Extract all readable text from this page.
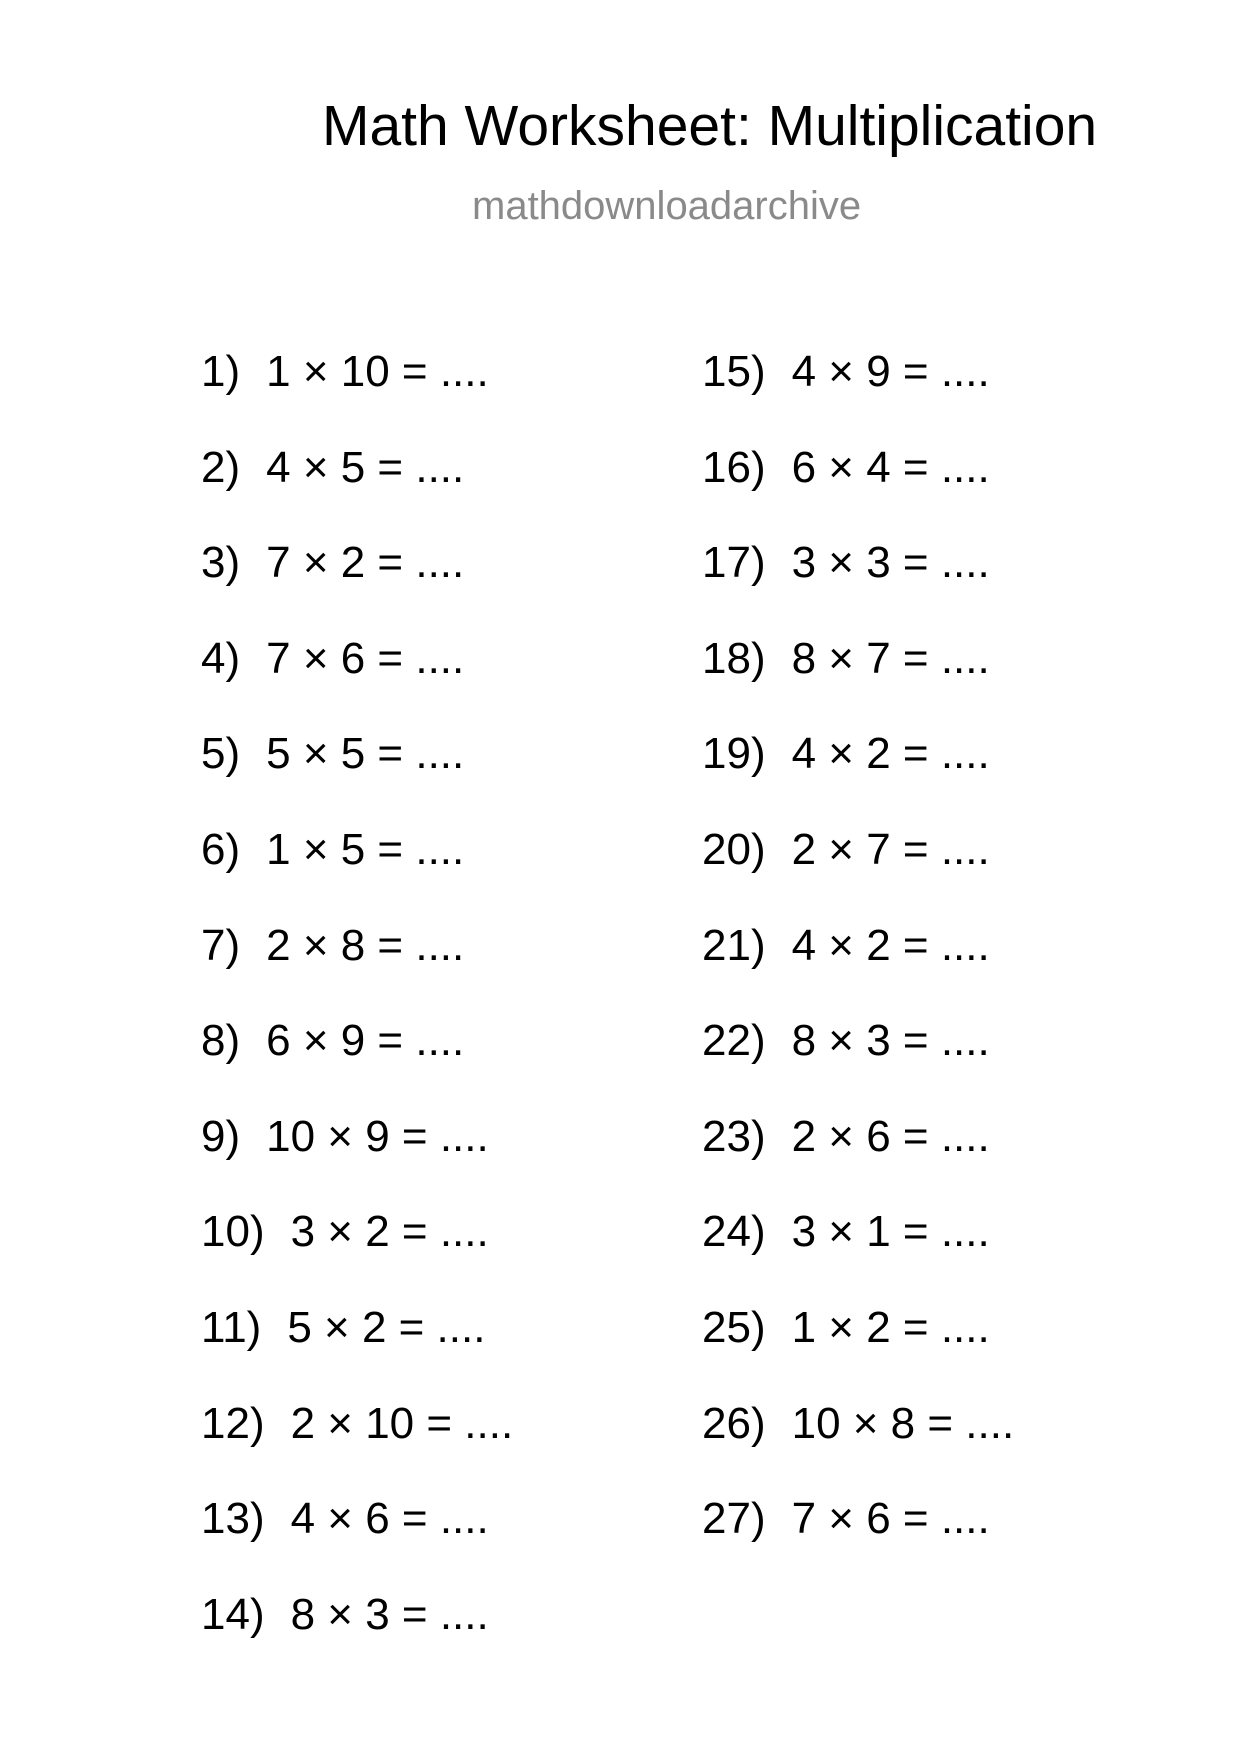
Math Worksheet: Multiplication
mathdownloadarchive
1) 1 × 10 = ....
2) 4 × 5 = ....
3) 7 × 2 = ....
4) 7 × 6 = ....
5) 5 × 5 = ....
6) 1 × 5 = ....
7) 2 × 8 = ....
8) 6 × 9 = ....
9) 10 × 9 = ....
10) 3 × 2 = ....
11) 5 × 2 = ....
12) 2 × 10 = ....
13) 4 × 6 = ....
14) 8 × 3 = ....
15) 4 × 9 = ....
16) 6 × 4 = ....
17) 3 × 3 = ....
18) 8 × 7 = ....
19) 4 × 2 = ....
20) 2 × 7 = ....
21) 4 × 2 = ....
22) 8 × 3 = ....
23) 2 × 6 = ....
24) 3 × 1 = ....
25) 1 × 2 = ....
26) 10 × 8 = ....
27) 7 × 6 = ....
